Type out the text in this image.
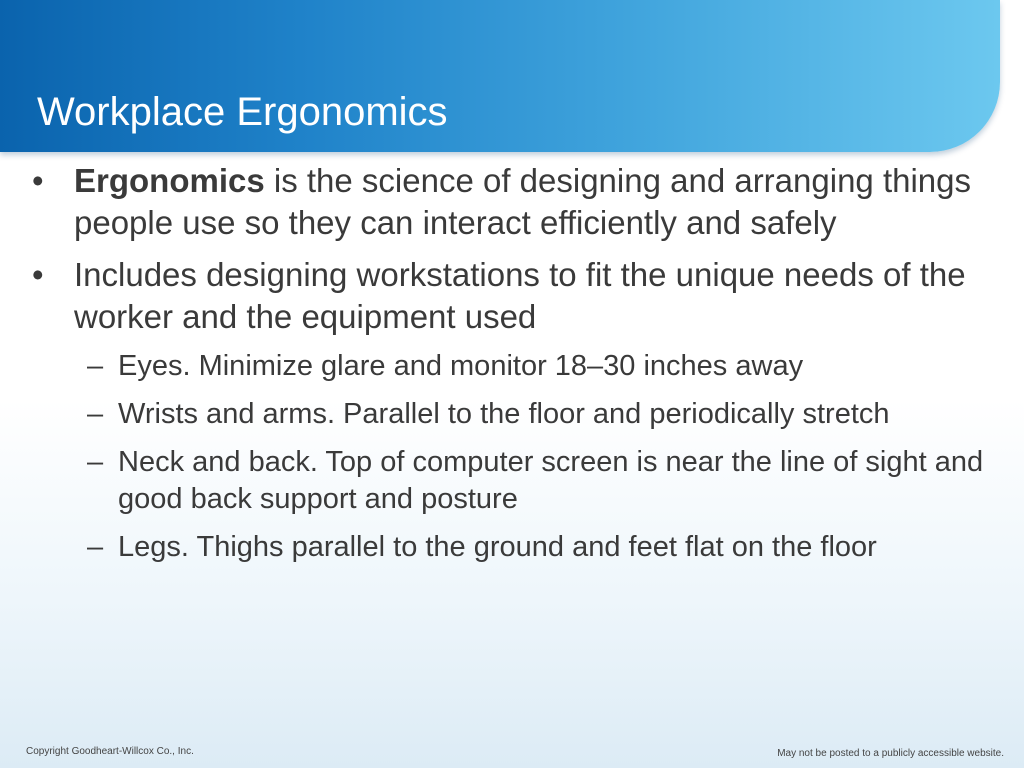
Workplace Ergonomics
• Ergonomics is the science of designing and arranging things people use so they can interact efficiently and safely
• Includes designing workstations to fit the unique needs of the worker and the equipment used
– Eyes. Minimize glare and monitor 18–30 inches away
– Wrists and arms. Parallel to the floor and periodically stretch
– Neck and back. Top of computer screen is near the line of sight and good back support and posture
– Legs. Thighs parallel to the ground and feet flat on the floor
Copyright Goodheart-Willcox Co., Inc.	May not be posted to a publicly accessible website.
